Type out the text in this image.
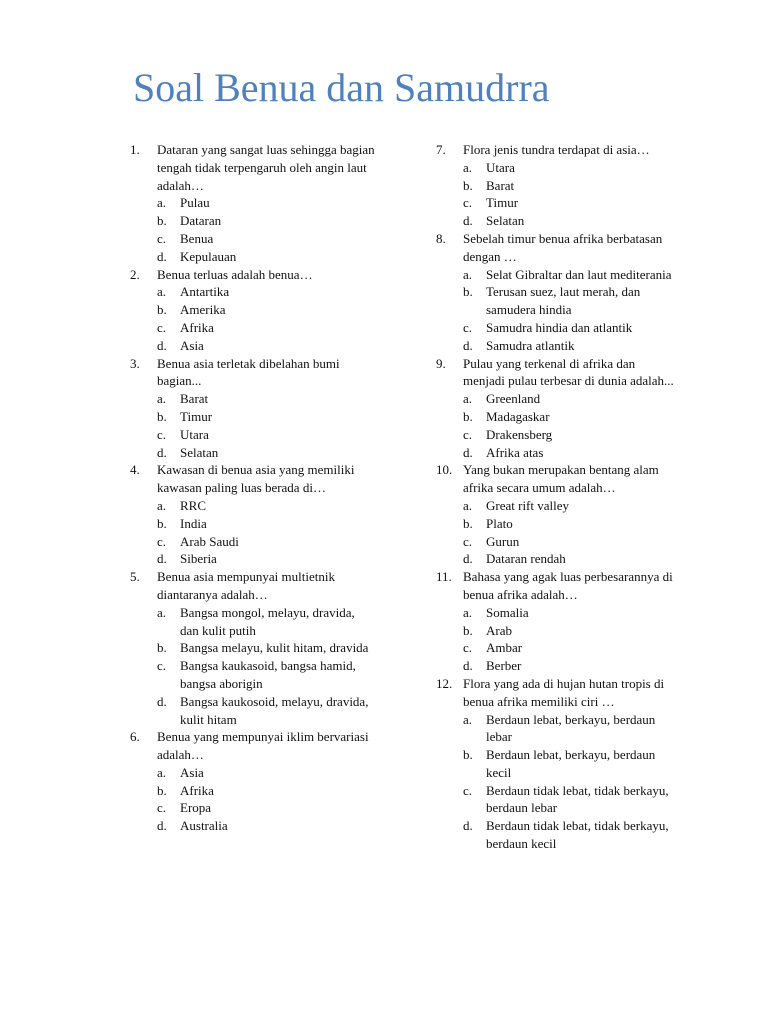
Soal Benua dan Samudrra
1.	Dataran yang sangat luas sehingga bagian tengah tidak terpengaruh oleh angin laut adalah…
a.	Pulau
b.	Dataran
c.	Benua
d.	Kepulauan
2.	Benua terluas adalah benua…
a.	Antartika
b.	Amerika
c.	Afrika
d.	Asia
3.	Benua asia terletak dibelahan bumi bagian...
a.	Barat
b.	Timur
c.	Utara
d.	Selatan
4.	Kawasan di benua asia yang memiliki kawasan paling luas berada di…
a.	RRC
b.	India
c.	Arab Saudi
d.	Siberia
5.	Benua asia mempunyai multietnik diantaranya adalah…
a.	Bangsa mongol, melayu, dravida, dan kulit putih
b.	Bangsa melayu, kulit hitam, dravida
c.	Bangsa kaukasoid, bangsa hamid, bangsa aborigin
d.	Bangsa kaukosoid, melayu, dravida, kulit hitam
6.	Benua yang mempunyai iklim bervariasi adalah…
a.	Asia
b.	Afrika
c.	Eropa
d.	Australia
7.	Flora jenis tundra terdapat di asia…
a.	Utara
b.	Barat
c.	Timur
d.	Selatan
8.	Sebelah timur benua afrika berbatasan dengan …
a.	Selat Gibraltar dan laut mediterania
b.	Terusan suez, laut merah, dan samudera hindia
c.	Samudra hindia dan atlantik
d.	Samudra atlantik
9.	Pulau yang terkenal di afrika dan menjadi pulau terbesar di dunia adalah...
a.	Greenland
b.	Madagaskar
c.	Drakensberg
d.	Afrika atas
10. Yang bukan merupakan bentang alam afrika secara umum adalah…
a.	Great rift valley
b.	Plato
c.	Gurun
d.	Dataran rendah
11. Bahasa yang agak luas perbesarannya di benua afrika adalah…
a.	Somalia
b.	Arab
c.	Ambar
d.	Berber
12. Flora yang ada di hujan hutan tropis di benua afrika memiliki ciri …
a.	Berdaun lebat, berkayu, berdaun lebar
b.	Berdaun lebat, berkayu, berdaun kecil
c.	Berdaun tidak lebat, tidak berkayu, berdaun lebar
d.	Berdaun tidak lebat, tidak berkayu, berdaun kecil
